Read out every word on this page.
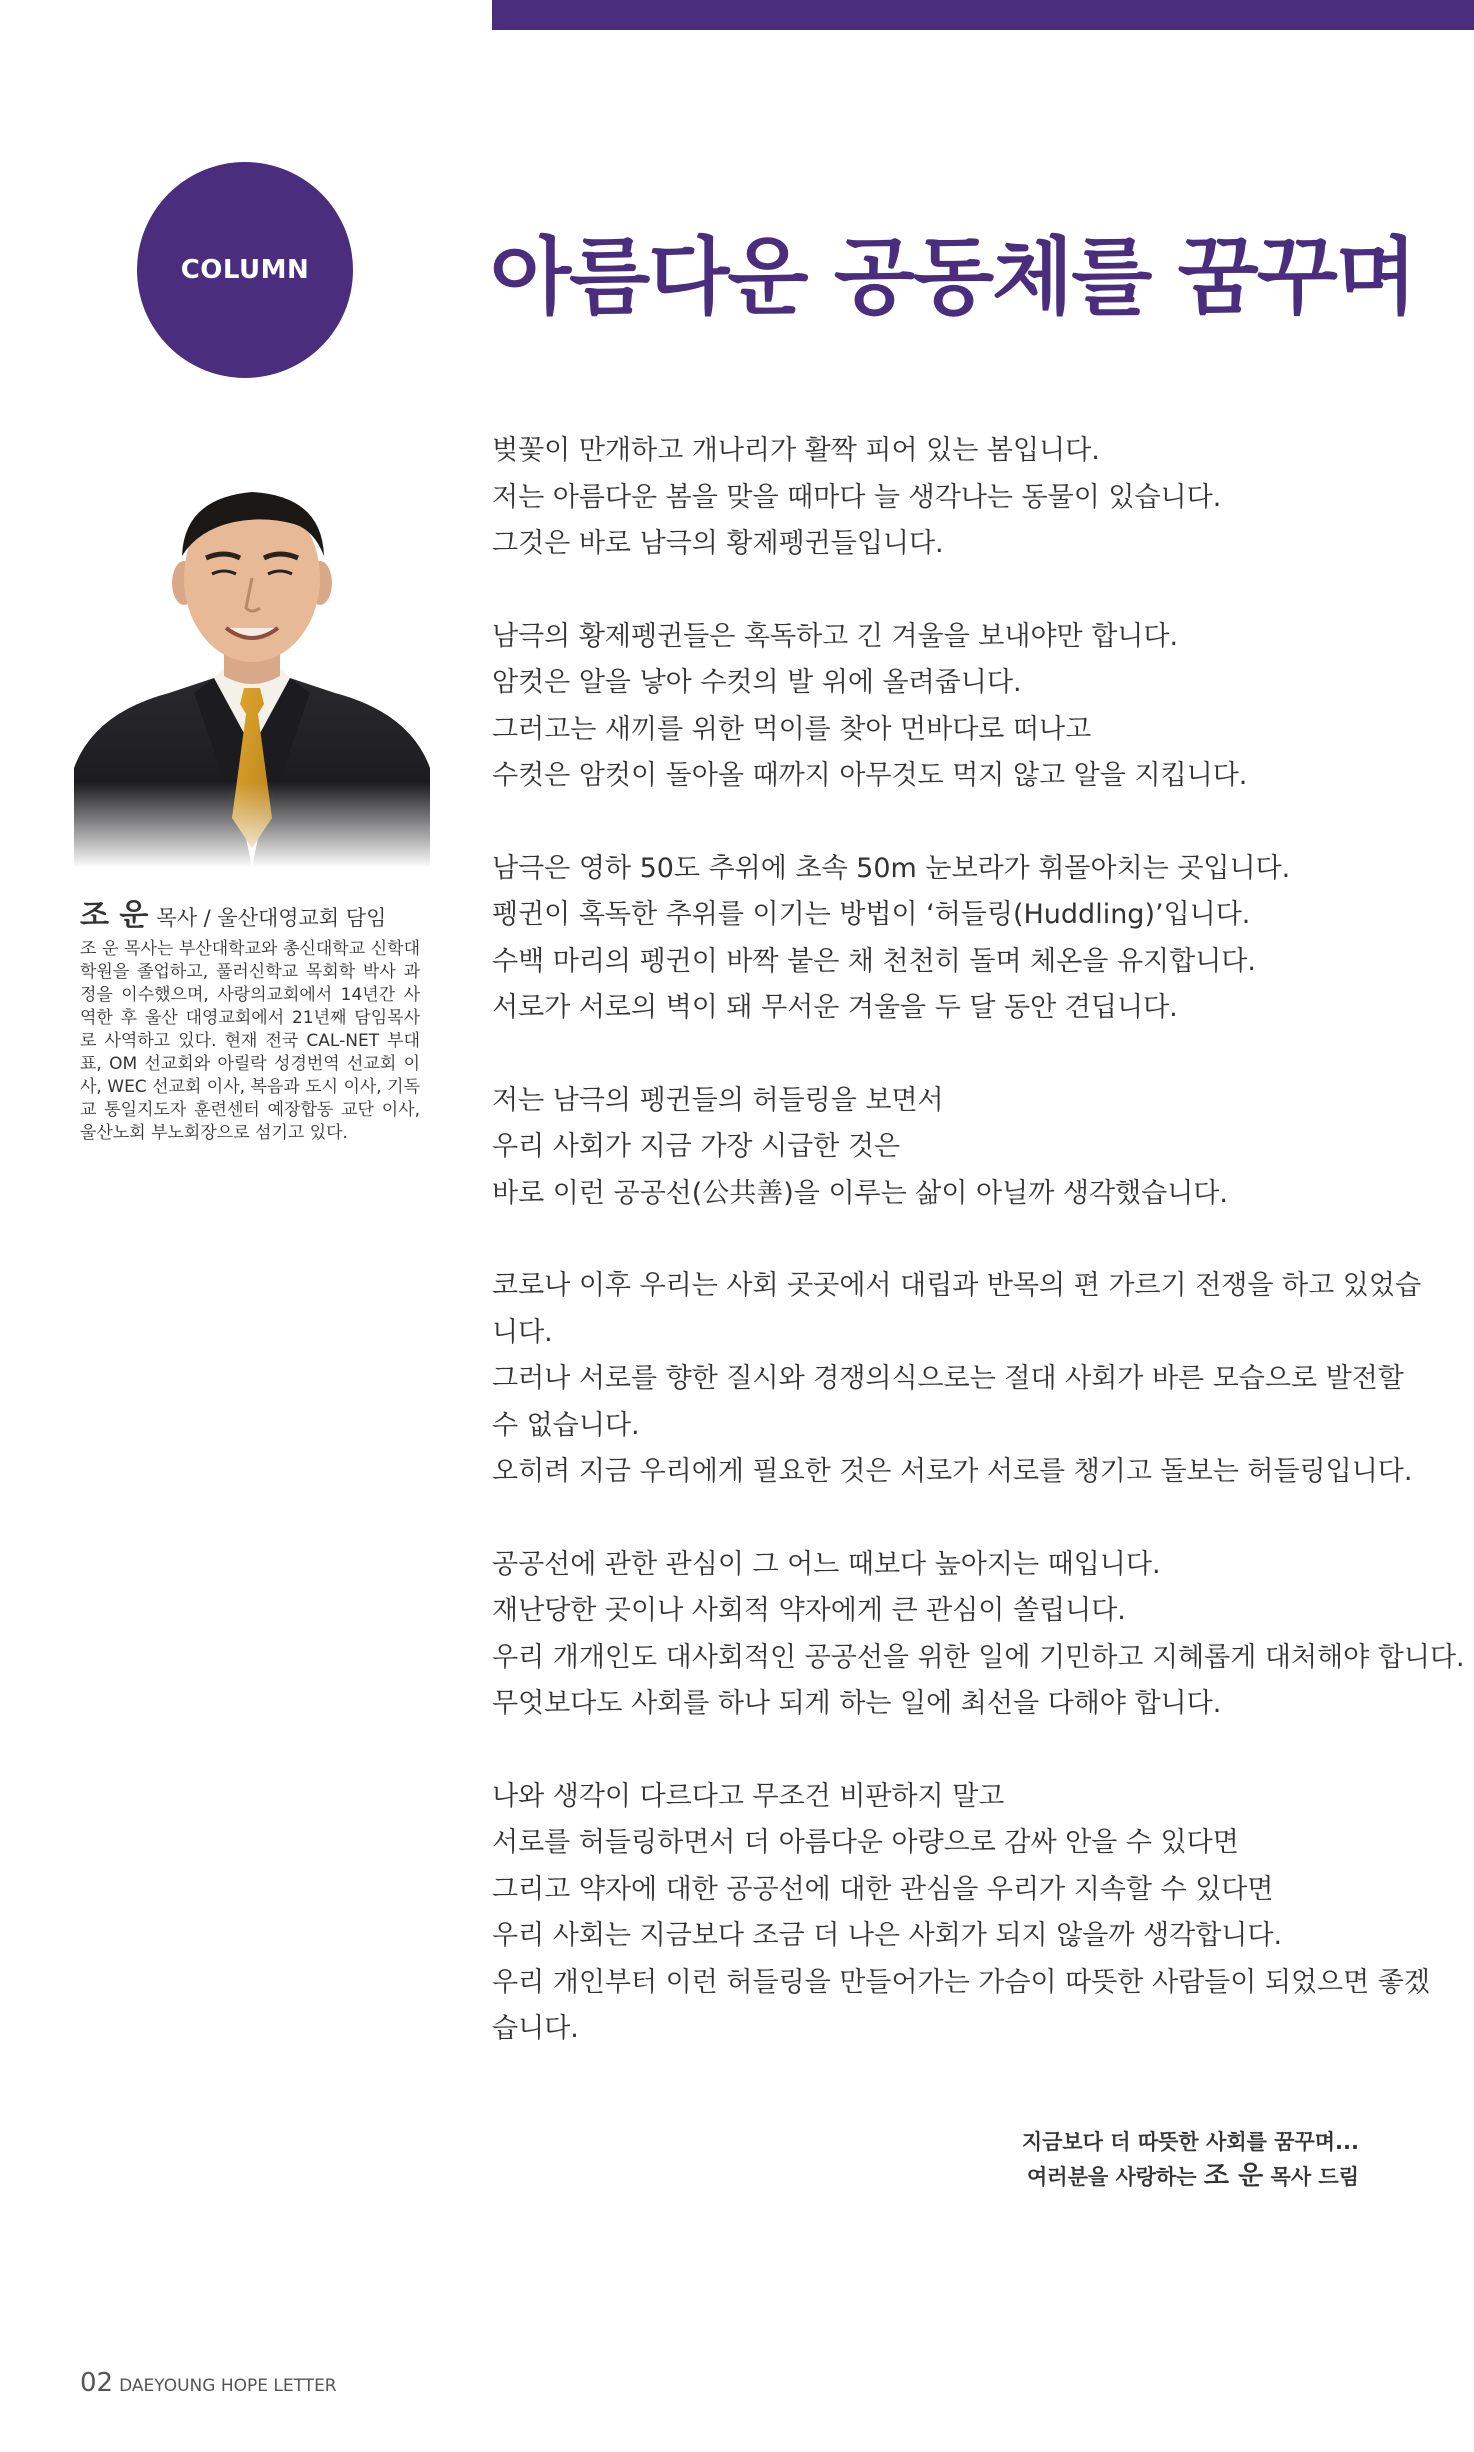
COLUMN 아름다운 공동체를 꿈꾸며
조 운 목사 / 울산대영교회 담임

조 운 목사는 부산대학교와 총신대학교 신학대학원을 졸업하고, 풀러신학교 목회학 박사 과정을 이수했으며, 사랑의교회에서 14년간 사역한 후 울산 대영교회에서 21년째 담임목사로 사역하고 있다. 현재 전국 CAL-NET 부대표, OM 선교회와 아릴락 성경번역 선교회 이사, WEC 선교회 이사, 복음과 도시 이사, 기독교 통일지도자 훈련센터 예장합동 교단 이사, 울산노회 부노회장으로 섬기고 있다.

벚꽃이 만개하고 개나리가 활짝 피어 있는 봄입니다.
저는 아름다운 봄을 맞을 때마다 늘 생각나는 동물이 있습니다.
그것은 바로 남극의 황제펭귄들입니다.
남극의 황제펭귄들은 혹독하고 긴 겨울을 보내야만 합니다.
암컷은 알을 낳아 수컷의 발 위에 올려줍니다.
그러고는 새끼를 위한 먹이를 찾아 먼바다로 떠나고
수컷은 암컷이 돌아올 때까지 아무것도 먹지 않고 알을 지킵니다.
남극은 영하 50도 추위에 초속 50m 눈보라가 휘몰아치는 곳입니다.
펭귄이 혹독한 추위를 이기는 방법이 ‘허들링(Huddling)’입니다.
수백 마리의 펭귄이 바짝 붙은 채 천천히 돌며 체온을 유지합니다.
서로가 서로의 벽이 돼 무서운 겨울을 두 달 동안 견딥니다.
저는 남극의 펭귄들의 허들링을 보면서
우리 사회가 지금 가장 시급한 것은
바로 이런 공공선(公共善)을 이루는 삶이 아닐까 생각했습니다.
코로나 이후 우리는 사회 곳곳에서 대립과 반목의 편 가르기 전쟁을 하고 있었습
니다.
그러나 서로를 향한 질시와 경쟁의식으로는 절대 사회가 바른 모습으로 발전할
수 없습니다.
오히려 지금 우리에게 필요한 것은 서로가 서로를 챙기고 돌보는 허들링입니다.
공공선에 관한 관심이 그 어느 때보다 높아지는 때입니다.
재난당한 곳이나 사회적 약자에게 큰 관심이 쏠립니다.
우리 개개인도 대사회적인 공공선을 위한 일에 기민하고 지혜롭게 대처해야 합니다.
무엇보다도 사회를 하나 되게 하는 일에 최선을 다해야 합니다.
나와 생각이 다르다고 무조건 비판하지 말고
서로를 허들링하면서 더 아름다운 아량으로 감싸 안을 수 있다면
그리고 약자에 대한 공공선에 대한 관심을 우리가 지속할 수 있다면
우리 사회는 지금보다 조금 더 나은 사회가 되지 않을까 생각합니다.
우리 개인부터 이런 허들링을 만들어가는 가슴이 따뜻한 사람들이 되었으면 좋겠
습니다.
지금보다 더 따뜻한 사회를 꿈꾸며...
여러분을 사랑하는 조 운 목사 드림
02 DAEYOUNG HOPE LETTER
